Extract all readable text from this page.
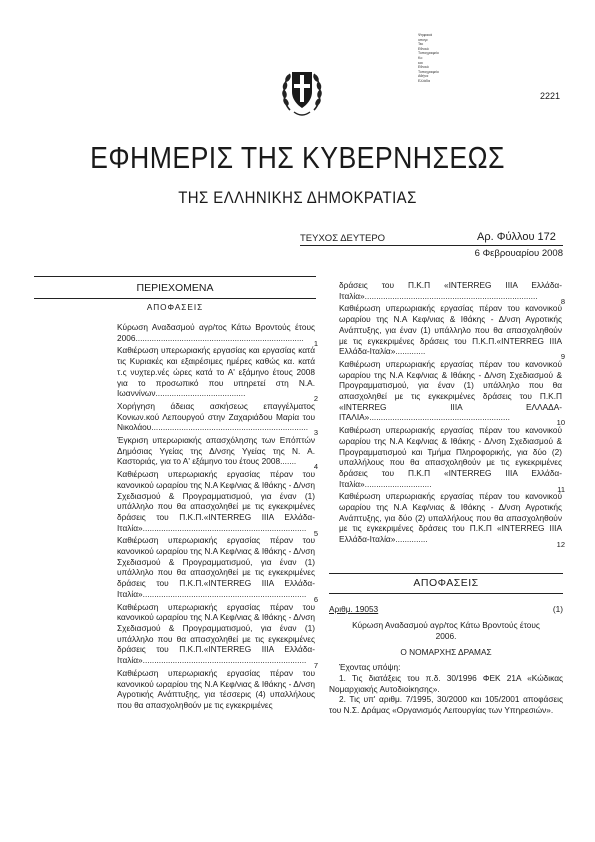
Ψηφιακά
υπογε
Τεκ
Εθνικό
Τυπογραφείο
Κο
και
Εθνικό
Τυπογραφείο
Αθήνα
Ελλάδα
2221
ΕΦΗΜΕΡΙΣ ΤΗΣ ΚΥΒΕΡΝΗΣΕΩΣ
ΤΗΣ ΕΛΛΗΝΙΚΗΣ ΔΗΜΟΚΡΑΤΙΑΣ
ΤΕΥΧΟΣ ΔΕΥΤΕΡΟ	Αρ. Φύλλου 172
6 Φεβρουαρίου 2008
ΠΕΡΙΕΧΟΜΕΝΑ
ΑΠΟΦΑΣΕΙΣ

Κύρωση Αναδασμού αγρ/τος Κάτω Βροντούς έτους 2006.........................................................................

1

Καθιέρωση υπερωριακής εργασίας και εργασίας κατά τις Κυριακές και εξαιρέσιμες ημέρες καθώς κα. κατά τ.ς νυχτερ.νές ώρες κατά το Α' εξάμηνο έτους 2008 για το προσωπικό που υπηρετεί στη Ν.Α. Ιωαννίνων.......................................

2

Χορήγηση άδειας ασκήσεως επαγγέλματος Κονιων.κού Λεπουργού στην Ζαχαριάδου Μαρία του Νικολάου....................................................................

3

Έγκριση υπερωριακής απασχόλησης των Επόπτών Δημόσιας Υγείας της Δ/νσης Υγείας της Ν. Α. Καστοριάς, για το Α' εξάμηνο του έτους 2008.......

4

Καθιέρωση υπερωριακής εργασίας πέραν του κανονικού ωραρίου της Ν.Α Κεφ/νιας & Ιθάκης - Δ/νση Σχεδιασμού & Προγραμματισμού, για έναν (1) υπάλληλο που θα απασχοληθεί με τις εγκεκριμένες δράσεις του Π.Κ.Π.«INTERREG ΙΙΙΑ Ελλάδα-Ιταλία».......................................................................

5

Καθιέρωση υπερωριακής εργασίας πέραν του κανονικού ωραρίου της Ν.Α Κεφ/νιας & Ιθάκης - Δ/νση Σχεδιασμού & Προγραμματισμού, για έναν (1) υπάλληλο που θα απασχοληθεί με τις εγκεκριμένες δράσεις του Π.Κ.Π.«INTERREG ΙΙΙΑ Ελλάδα-Ιταλία».......................................................................

6

Καθιέρωση υπερωριακής εργασίας πέραν του κανονικού ωραρίου της Ν.Α Κεφ/νιας & Ιθάκης - Δ/νση Σχεδιασμού & Προγραμματισμού, για έναν (1) υπάλληλο που θα απασχοληθεί με τις εγκεκριμένες δράσεις του Π.Κ.Π.«INTERREG ΙΙΙΑ Ελλάδα-Ιταλία».......................................................................

7

Καθιέρωση υπερωριακής εργασίας πέραν του κανονικού ωραρίου της Ν.Α Κεφ/νιας & Ιθάκης - Δ/νση Αγροτικής Ανάπτυξης, για τέσσερις (4) υπαλλήλους που θα απασχοληθούν με τις εγκεκριμένες

δράσεις του Π.Κ.Π «INTERREG ΙΙΙΑ Ελλάδα-Ιταλία»...........................................................................

8

Καθιέρωση υπερωριακής εργασίας πέραν του κανονικού ωραρίου της Ν.Α Κεφ/νιας & Ιθάκης - Δ/νση Αγροτικής Ανάπτυξης, για έναν (1) υπάλληλο που θα απασχοληθούν με τις εγκεκριμένες δράσεις του Π.Κ.Π.«INTERREG ΙΙΙΑ Ελλάδα-Ιταλία».............

9

Καθιέρωση υπερωριακής εργασίας πέραν του κανονικού ωραρίου της Ν.Α Κεφ/νιας & Ιθάκης - Δ/νση Σχεδιασμού & Προγραμματισμού, για έναν (1) υπάλληλο που θα απασχοληθεί με τις εγκεκριμένες δράσεις του Π.Κ.Π «INTERREG ΙΙΙΑ ΕΛΛΑΔΑ-ΙΤΑΛΙΑ».............................................................

10

Καθιέρωση υπερωριακής εργασίας πέραν του κανονικού ωραρίου της Ν.Α Κεφ/νιας & Ιθάκης - Δ/νση Σχεδιασμού & Προγραμματισμού και Τμήμα Πληροφορικής, για δύο (2) υπαλλήλους που θα απασχοληθούν με τις εγκεκριμένες δράσεις του Π.Κ.Π «INTERREG ΙΙΙΑ Ελλάδα-Ιταλία».............................

11

Καθιέρωση υπερωριακής εργασίας πέραν του κανονικού ωραρίου της Ν.Α Κεφ/νιας & Ιθάκης - Δ/νση Αγροτικής Ανάπτυξης, για δύο (2) υπαλλήλους που θα απασχοληθούν με τις εγκεκριμένες δράσεις του Π.Κ.Π «INTERREG ΙΙΙΑ Ελλάδα-Ιταλία»..............

12
ΑΠΟΦΑΣΕΙΣ
Αριθμ. 19053	(1)

Κύρωση Αναδασμού αγρ/τος Κάτω Βροντούς έτους 2006.

Ο ΝΟΜΑΡΧΗΣ ΔΡΑΜΑΣ

Έχοντας υπόψη:

1. Τις διατάξεις του π.δ. 30/1996 ΦΕΚ 21Α «Κώδικας Νομαρχιακής Αυτοδιοίκησης».

2. Τις υπ' αριθμ. 7/1995, 30/2000 και 105/2001 αποφάσεις του Ν.Σ. Δράμας «Οργανισμός Λειτουργίας των Υπηρεσιών».
